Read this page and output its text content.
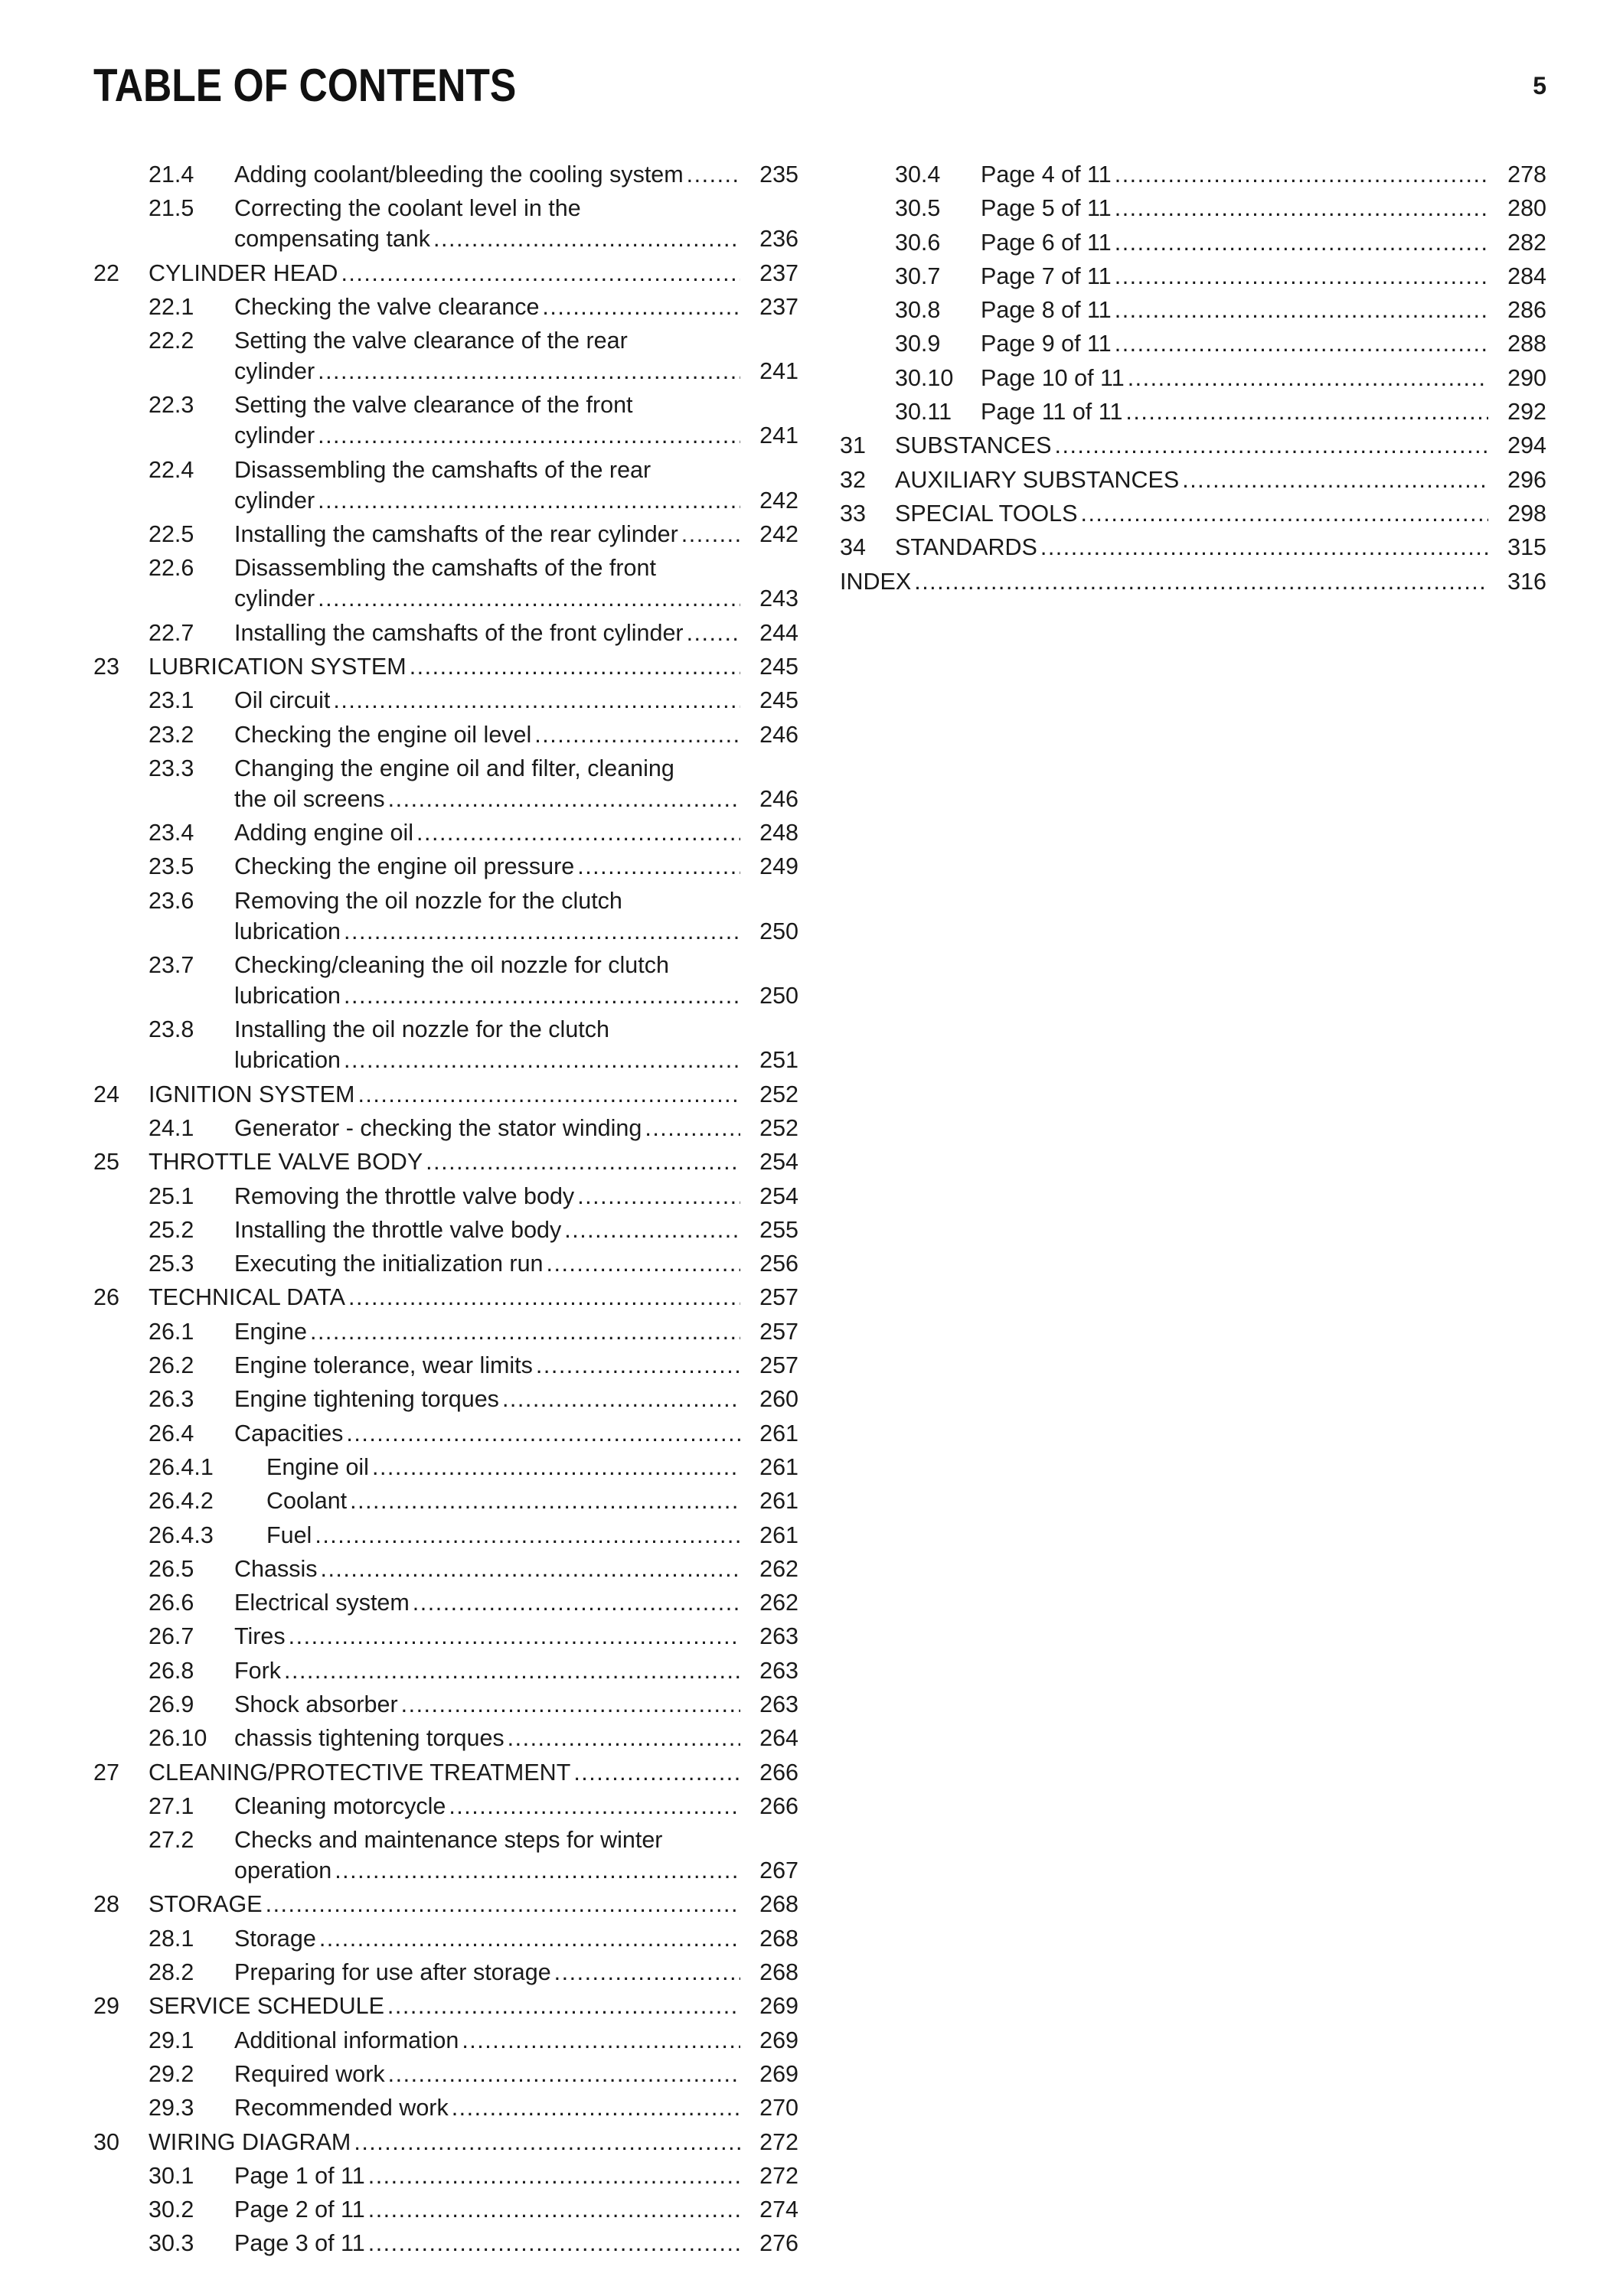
TABLE OF CONTENTS	5
21.4 Adding coolant/bleeding the cooling system .....	235
21.5 Correcting the coolant level in the
compensating tank .....	236
22 CYLINDER HEAD .....	237
22.1 Checking the valve clearance .....	237
22.2 Setting the valve clearance of the rear
cylinder .....	241
22.3 Setting the valve clearance of the front
cylinder .....	241
22.4 Disassembling the camshafts of the rear
cylinder .....	242
22.5 Installing the camshafts of the rear cylinder .....	242
22.6 Disassembling the camshafts of the front
cylinder .....	243
22.7 Installing the camshafts of the front cylinder .....	244
23 LUBRICATION SYSTEM .....	245
23.1 Oil circuit .....	245
23.2 Checking the engine oil level .....	246
23.3 Changing the engine oil and filter, cleaning
the oil screens .....	246
23.4 Adding engine oil .....	248
23.5 Checking the engine oil pressure .....	249
23.6 Removing the oil nozzle for the clutch
lubrication .....	250
23.7 Checking/cleaning the oil nozzle for clutch
lubrication .....	250
23.8 Installing the oil nozzle for the clutch
lubrication .....	251
24 IGNITION SYSTEM .....	252
24.1 Generator - checking the stator winding .....	252
25 THROTTLE VALVE BODY .....	254
25.1 Removing the throttle valve body .....	254
25.2 Installing the throttle valve body .....	255
25.3 Executing the initialization run .....	256
26 TECHNICAL DATA .....	257
26.1 Engine .....	257
26.2 Engine tolerance, wear limits .....	257
26.3 Engine tightening torques .....	260
26.4 Capacities .....	261
26.4.1 Engine oil .....	261
26.4.2 Coolant .....	261
26.4.3 Fuel .....	261
26.5 Chassis .....	262
26.6 Electrical system .....	262
26.7 Tires .....	263
26.8 Fork .....	263
26.9 Shock absorber .....	263
26.10 chassis tightening torques .....	264
27 CLEANING/PROTECTIVE TREATMENT .....	266
27.1 Cleaning motorcycle .....	266
27.2 Checks and maintenance steps for winter
operation .....	267
28 STORAGE .....	268
28.1 Storage .....	268
28.2 Preparing for use after storage .....	268
29 SERVICE SCHEDULE .....	269
29.1 Additional information .....	269
29.2 Required work .....	269
29.3 Recommended work .....	270
30 WIRING DIAGRAM .....	272
30.1 Page 1 of 11 .....	272
30.2 Page 2 of 11 .....	274
30.3 Page 3 of 11 .....	276
30.4 Page 4 of 11 .....	278
30.5 Page 5 of 11 .....	280
30.6 Page 6 of 11 .....	282
30.7 Page 7 of 11 .....	284
30.8 Page 8 of 11 .....	286
30.9 Page 9 of 11 .....	288
30.10 Page 10 of 11 .....	290
30.11 Page 11 of 11 .....	292
31 SUBSTANCES .....	294
32 AUXILIARY SUBSTANCES .....	296
33 SPECIAL TOOLS .....	298
34 STANDARDS .....	315
INDEX .....	316
